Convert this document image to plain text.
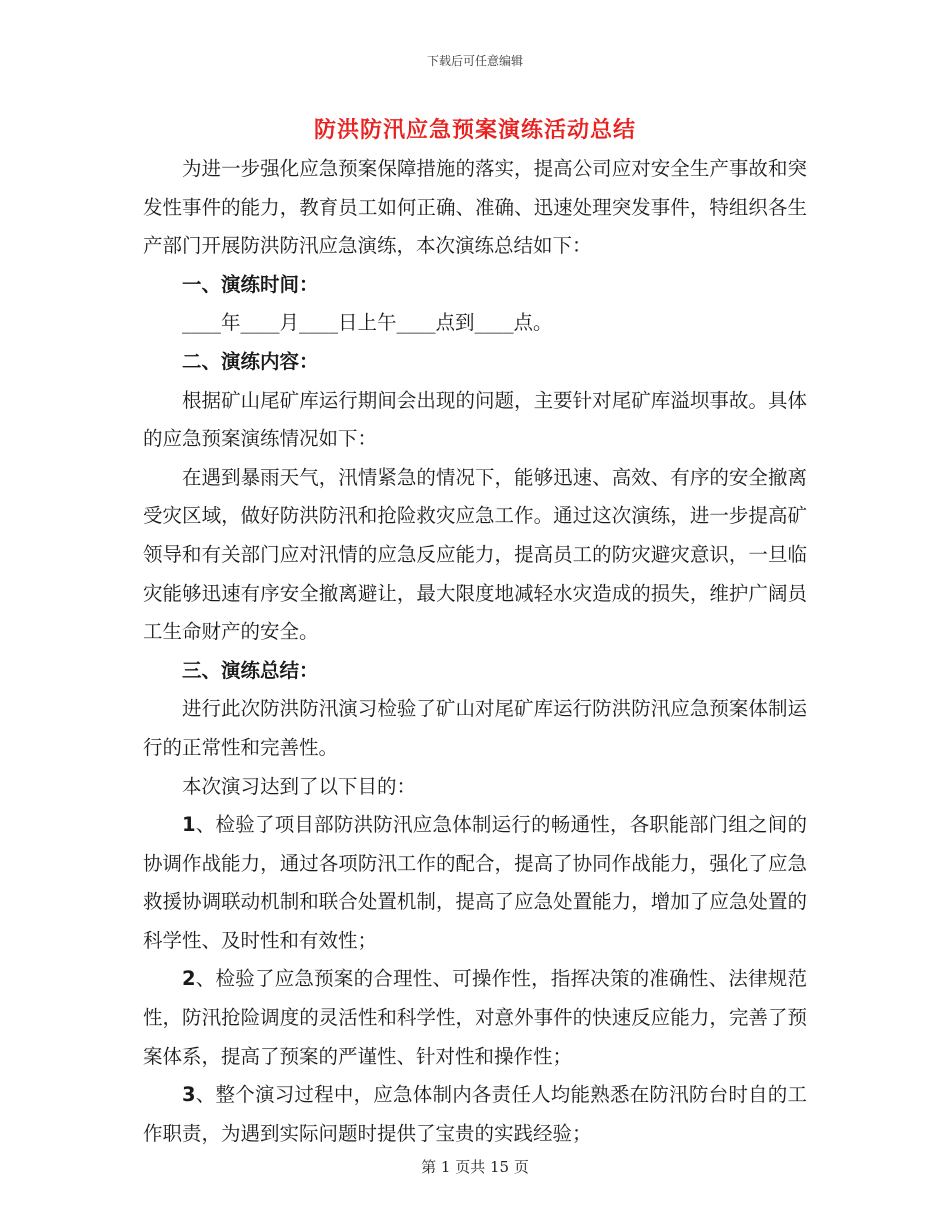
下载后可任意编辑
防洪防汛应急预案演练活动总结

为进一步强化应急预案保障措施的落实，提高公司应对安全生产事故和突发性事件的能力，教育员工如何正确、准确、迅速处理突发事件，特组织各生产部门开展防洪防汛应急演练，本次演练总结如下：

一、演练时间：

____年____月____日上午____点到____点。

二、演练内容：

根据矿山尾矿库运行期间会出现的问题，主要针对尾矿库溢坝事故。具体的应急预案演练情况如下：

在遇到暴雨天气，汛情紧急的情况下，能够迅速、高效、有序的安全撤离受灾区域，做好防洪防汛和抢险救灾应急工作。通过这次演练，进一步提高矿领导和有关部门应对汛情的应急反应能力，提高员工的防灾避灾意识，一旦临灾能够迅速有序安全撤离避让，最大限度地减轻水灾造成的损失，维护广阔员工生命财产的安全。

三、演练总结：

进行此次防洪防汛演习检验了矿山对尾矿库运行防洪防汛应急预案体制运行的正常性和完善性。

本次演习达到了以下目的：

1、检验了项目部防洪防汛应急体制运行的畅通性，各职能部门组之间的协调作战能力，通过各项防汛工作的配合，提高了协同作战能力，强化了应急救援协调联动机制和联合处置机制，提高了应急处置能力，增加了应急处置的科学性、及时性和有效性；

2、检验了应急预案的合理性、可操作性，指挥决策的准确性、法律规范性，防汛抢险调度的灵活性和科学性，对意外事件的快速反应能力，完善了预案体系，提高了预案的严谨性、针对性和操作性；

3、整个演习过程中，应急体制内各责任人均能熟悉在防汛防台时自的工作职责，为遇到实际问题时提供了宝贵的实践经验；

第 1 页共 15 页
